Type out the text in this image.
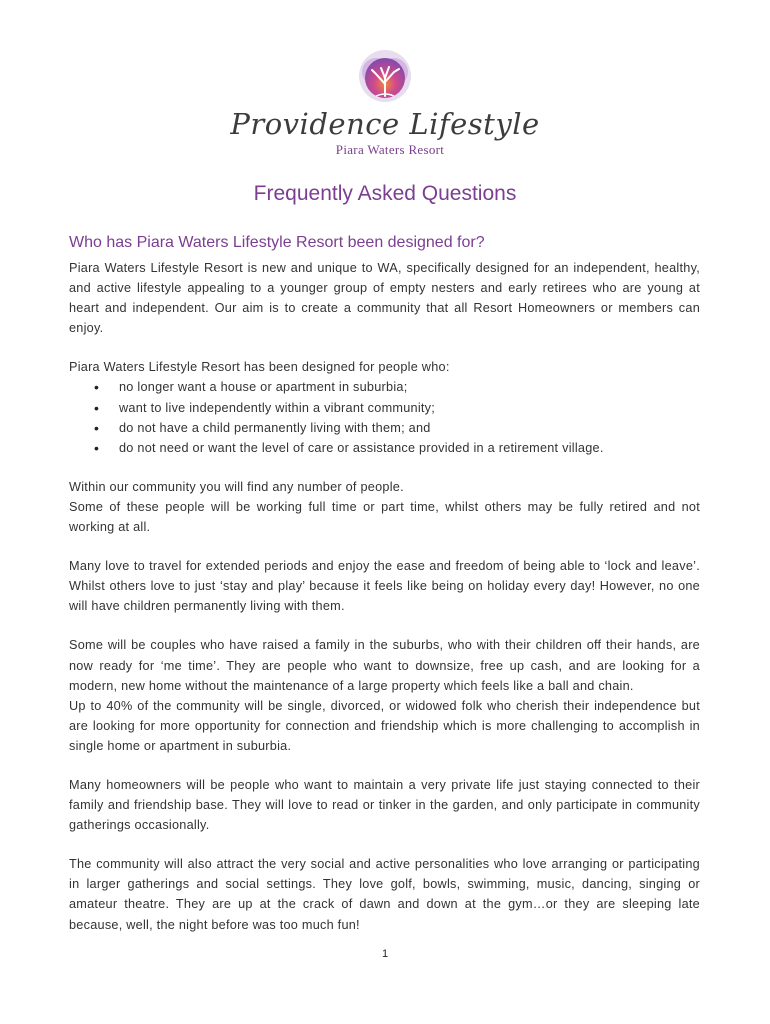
Providence Lifestyle
Piara Waters Resort
Frequently Asked Questions
Who has Piara Waters Lifestyle Resort been designed for?

Piara Waters Lifestyle Resort is new and unique to WA, specifically designed for an independent, healthy, and active lifestyle appealing to a younger group of empty nesters and early retirees who are young at heart and independent. Our aim is to create a community that all Resort Homeowners or members can enjoy.

Piara Waters Lifestyle Resort has been designed for people who:

• no longer want a house or apartment in suburbia;
• want to live independently within a vibrant community;
• do not have a child permanently living with them; and
• do not need or want the level of care or assistance provided in a retirement village.

Within our community you will find any number of people.

Some of these people will be working full time or part time, whilst others may be fully retired and not working at all.

Many love to travel for extended periods and enjoy the ease and freedom of being able to ‘lock and leave’. Whilst others love to just ‘stay and play’ because it feels like being on holiday every day! However, no one will have children permanently living with them.

Some will be couples who have raised a family in the suburbs, who with their children off their hands, are now ready for ‘me time’. They are people who want to downsize, free up cash, and are looking for a modern, new home without the maintenance of a large property which feels like a ball and chain.

Up to 40% of the community will be single, divorced, or widowed folk who cherish their independence but are looking for more opportunity for connection and friendship which is more challenging to accomplish in single home or apartment in suburbia.

Many homeowners will be people who want to maintain a very private life just staying connected to their family and friendship base. They will love to read or tinker in the garden, and only participate in community gatherings occasionally.

The community will also attract the very social and active personalities who love arranging or participating in larger gatherings and social settings. They love golf, bowls, swimming, music, dancing, singing or amateur theatre. They are up at the crack of dawn and down at the gym…or they are sleeping late because, well, the night before was too much fun!

1
